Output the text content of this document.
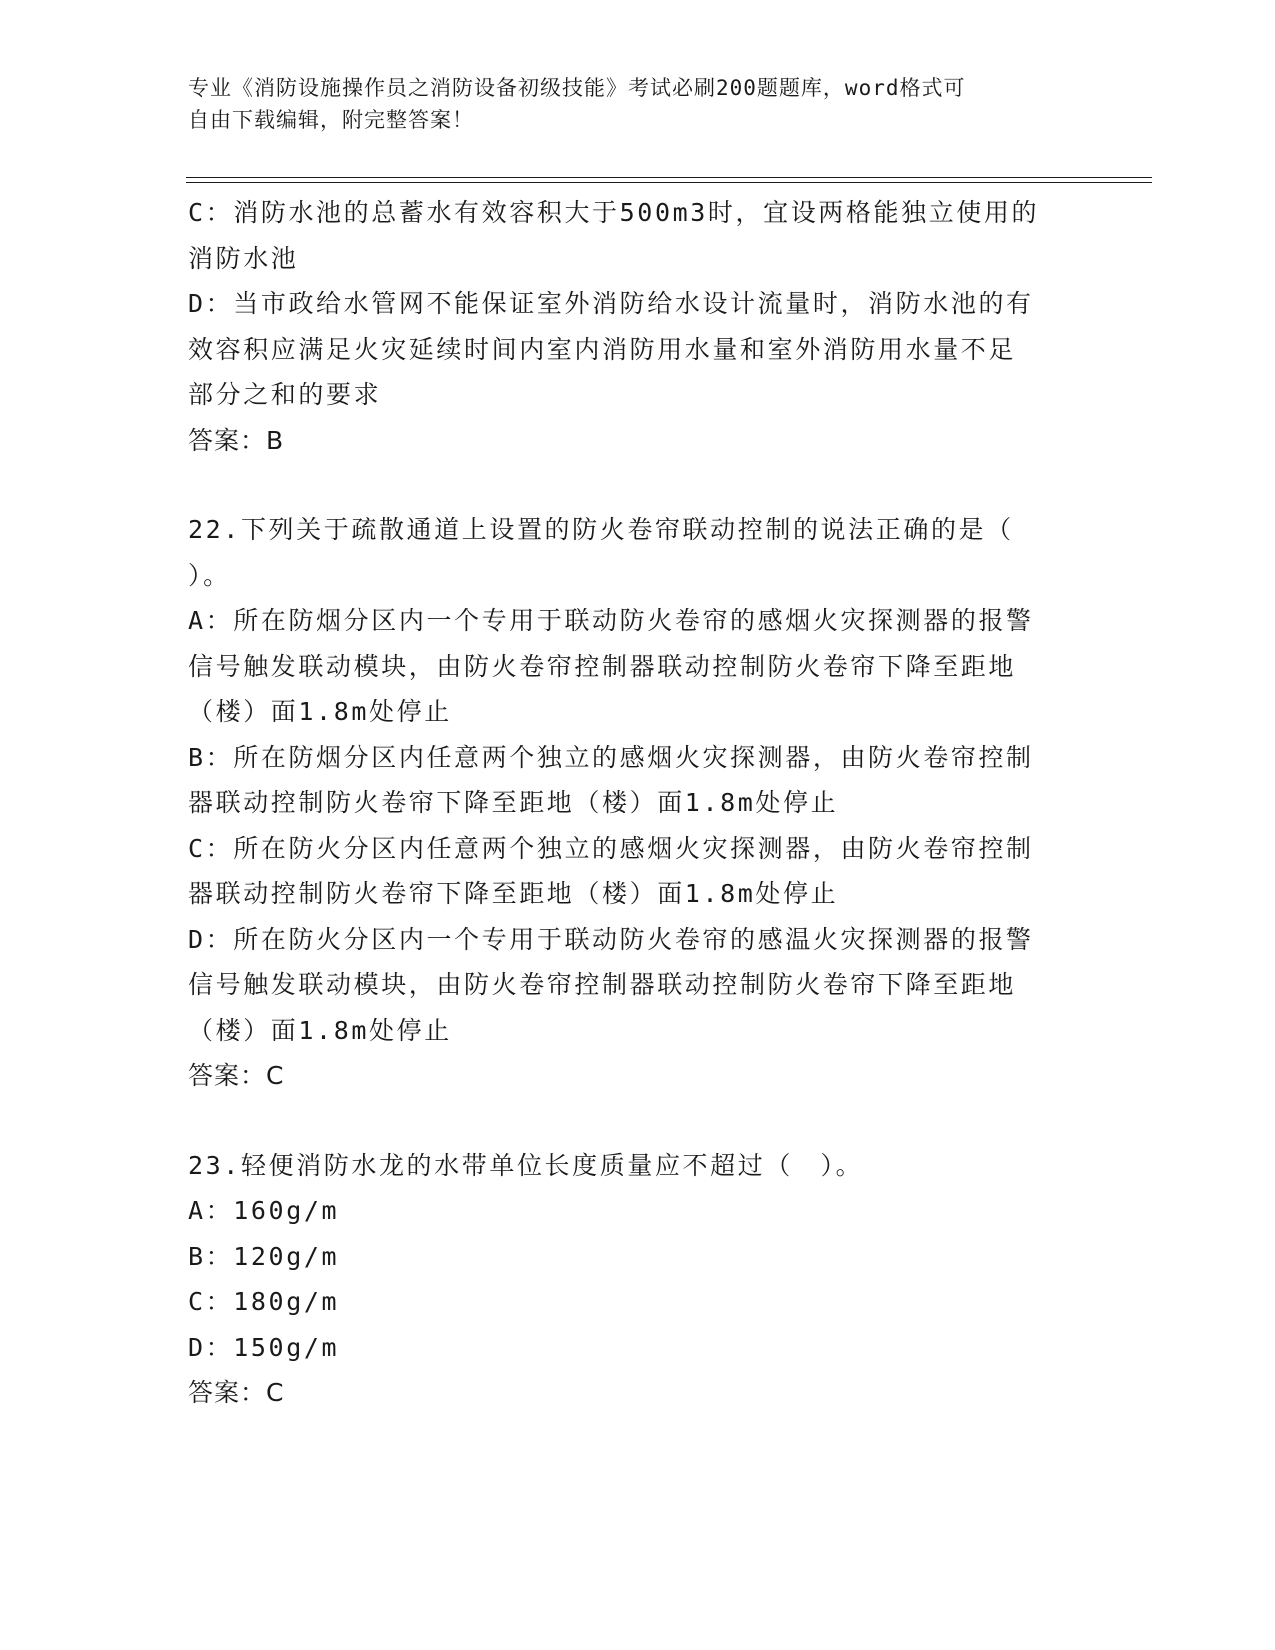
专业《消防设施操作员之消防设备初级技能》考试必刷200题题库，word格式可
自由下载编辑，附完整答案！
C：消防水池的总蓄水有效容积大于500m3时，宜设两格能独立使用的
消防水池
D：当市政给水管网不能保证室外消防给水设计流量时，消防水池的有
效容积应满足火灾延续时间内室内消防用水量和室外消防用水量不足
部分之和的要求
答案：B
22.下列关于疏散通道上设置的防火卷帘联动控制的说法正确的是（
）。
A：所在防烟分区内一个专用于联动防火卷帘的感烟火灾探测器的报警
信号触发联动模块，由防火卷帘控制器联动控制防火卷帘下降至距地
（楼）面1.8m处停止
B：所在防烟分区内任意两个独立的感烟火灾探测器，由防火卷帘控制
器联动控制防火卷帘下降至距地（楼）面1.8m处停止
C：所在防火分区内任意两个独立的感烟火灾探测器，由防火卷帘控制
器联动控制防火卷帘下降至距地（楼）面1.8m处停止
D：所在防火分区内一个专用于联动防火卷帘的感温火灾探测器的报警
信号触发联动模块，由防火卷帘控制器联动控制防火卷帘下降至距地
（楼）面1.8m处停止
答案：C
23.轻便消防水龙的水带单位长度质量应不超过（　）。
A：160g/m
B：120g/m
C：180g/m
D：150g/m
答案：C
